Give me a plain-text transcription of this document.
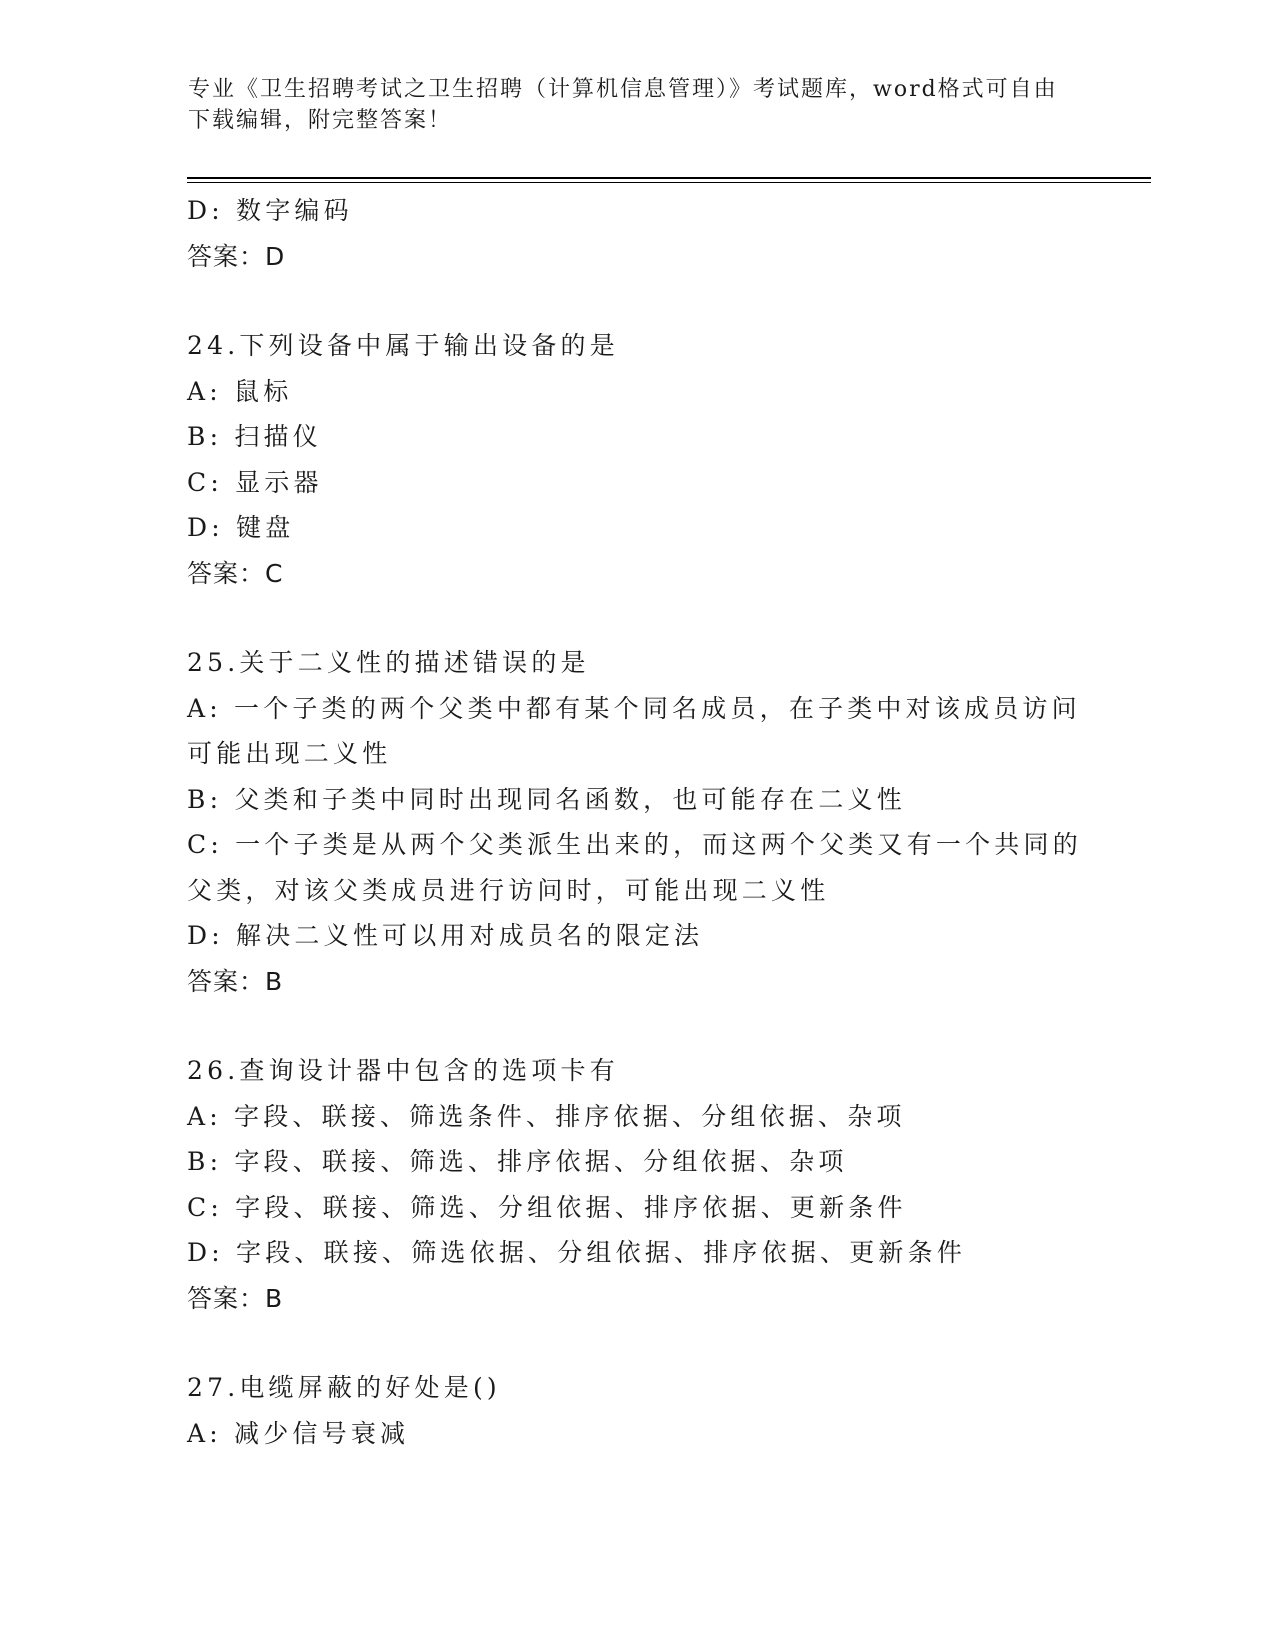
专业《卫生招聘考试之卫生招聘（计算机信息管理）》考试题库，word格式可自由下载编辑，附完整答案！
D: 数字编码
答案：D
24.下列设备中属于输出设备的是
A: 鼠标
B: 扫描仪
C: 显示器
D: 键盘
答案：C
25.关于二义性的描述错误的是
A: 一个子类的两个父类中都有某个同名成员，在子类中对该成员访问可能出现二义性
B: 父类和子类中同时出现同名函数，也可能存在二义性
C: 一个子类是从两个父类派生出来的，而这两个父类又有一个共同的父类，对该父类成员进行访问时，可能出现二义性
D: 解决二义性可以用对成员名的限定法
答案：B
26.查询设计器中包含的选项卡有
A: 字段、联接、筛选条件、排序依据、分组依据、杂项
B: 字段、联接、筛选、排序依据、分组依据、杂项
C: 字段、联接、筛选、分组依据、排序依据、更新条件
D: 字段、联接、筛选依据、分组依据、排序依据、更新条件
答案：B
27.电缆屏蔽的好处是()
A: 减少信号衰减
